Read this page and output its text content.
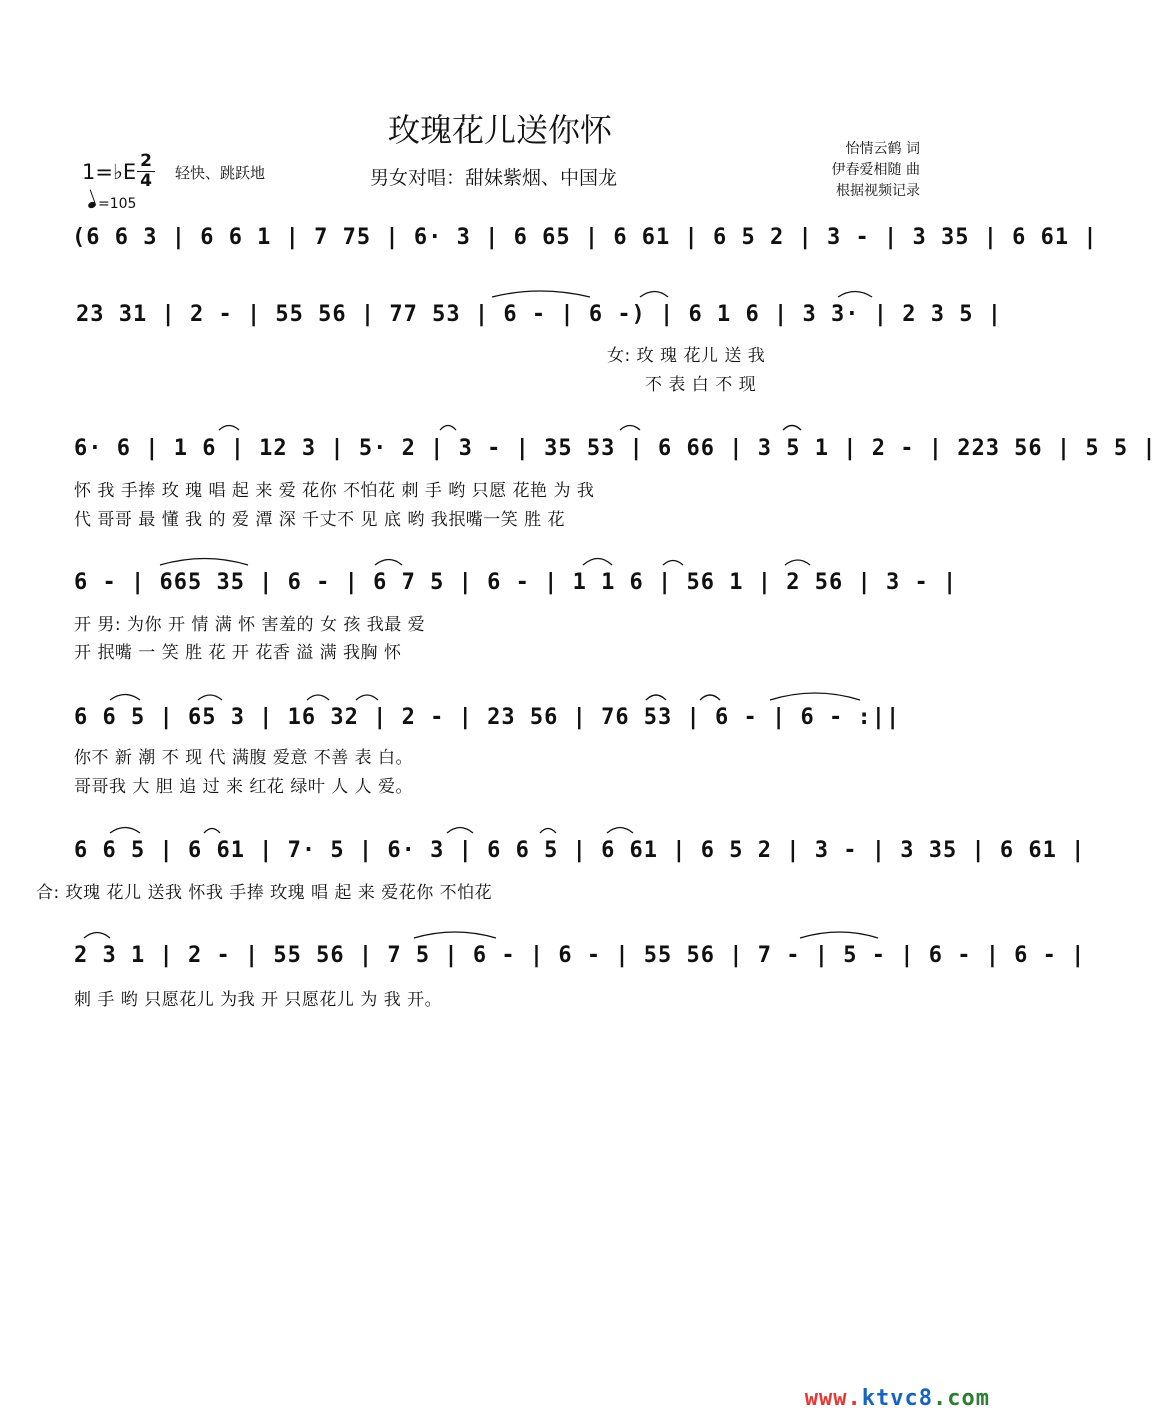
玫瑰花儿送你怀
男女对唱：甜妹紫烟、中国龙
怡情云鹤 词
伊春爱相随 曲
根据视频记录
1=♭E 2
4 轻快、跳跃地
=105
(6 6 3 | 6 6 1 | 7 75 | 6· 3 | 6 65 | 6 61 | 6 5 2 | 3 - | 3 35 | 6 61 |
23 31 | 2 - | 55 56 | 77 53 | 6 - | 6 -) | 6 1 6 | 3 3· | 2 3 5 |
女: 玫 瑰 花儿 送 我
不 表 白 不 现
6· 6 | 1 6 | 12 3 | 5· 2 | 3 - | 35 53 | 6 66 | 3 5 1 | 2 - | 223 56 | 5 5 |
怀 我 手捧 玫 瑰 唱 起 来 爱 花你 不怕花 刺 手 哟 只愿 花艳 为 我
代 哥哥 最 懂 我 的 爱 潭 深 千丈不 见 底 哟 我抿嘴一笑 胜 花
6 - | 665 35 | 6 - | 6 7 5 | 6 - | 1 1 6 | 56 1 | 2 56 | 3 - |
开 男: 为你 开 情 满 怀 害羞的 女 孩 我最 爱
开 抿嘴 一 笑 胜 花 开 花香 溢 满 我胸 怀
6 6 5 | 65 3 | 16 32 | 2 - | 23 56 | 76 53 | 6 - | 6 - :||
你不 新 潮 不 现 代 满腹 爱意 不善 表 白。
哥哥我 大 胆 追 过 来 红花 绿叶 人 人 爱。
6 6 5 | 6 61 | 7· 5 | 6· 3 | 6 6 5 | 6 61 | 6 5 2 | 3 - | 3 35 | 6 61 |
合: 玫瑰 花儿 送我 怀我 手捧 玫瑰 唱 起 来 爱花你 不怕花
2 3 1 | 2 - | 55 56 | 7 5 | 6 - | 6 - | 55 56 | 7 - | 5 - | 6 - | 6 - |
刺 手 哟 只愿花儿 为我 开 只愿花儿 为 我 开。
www.ktvc8.com
